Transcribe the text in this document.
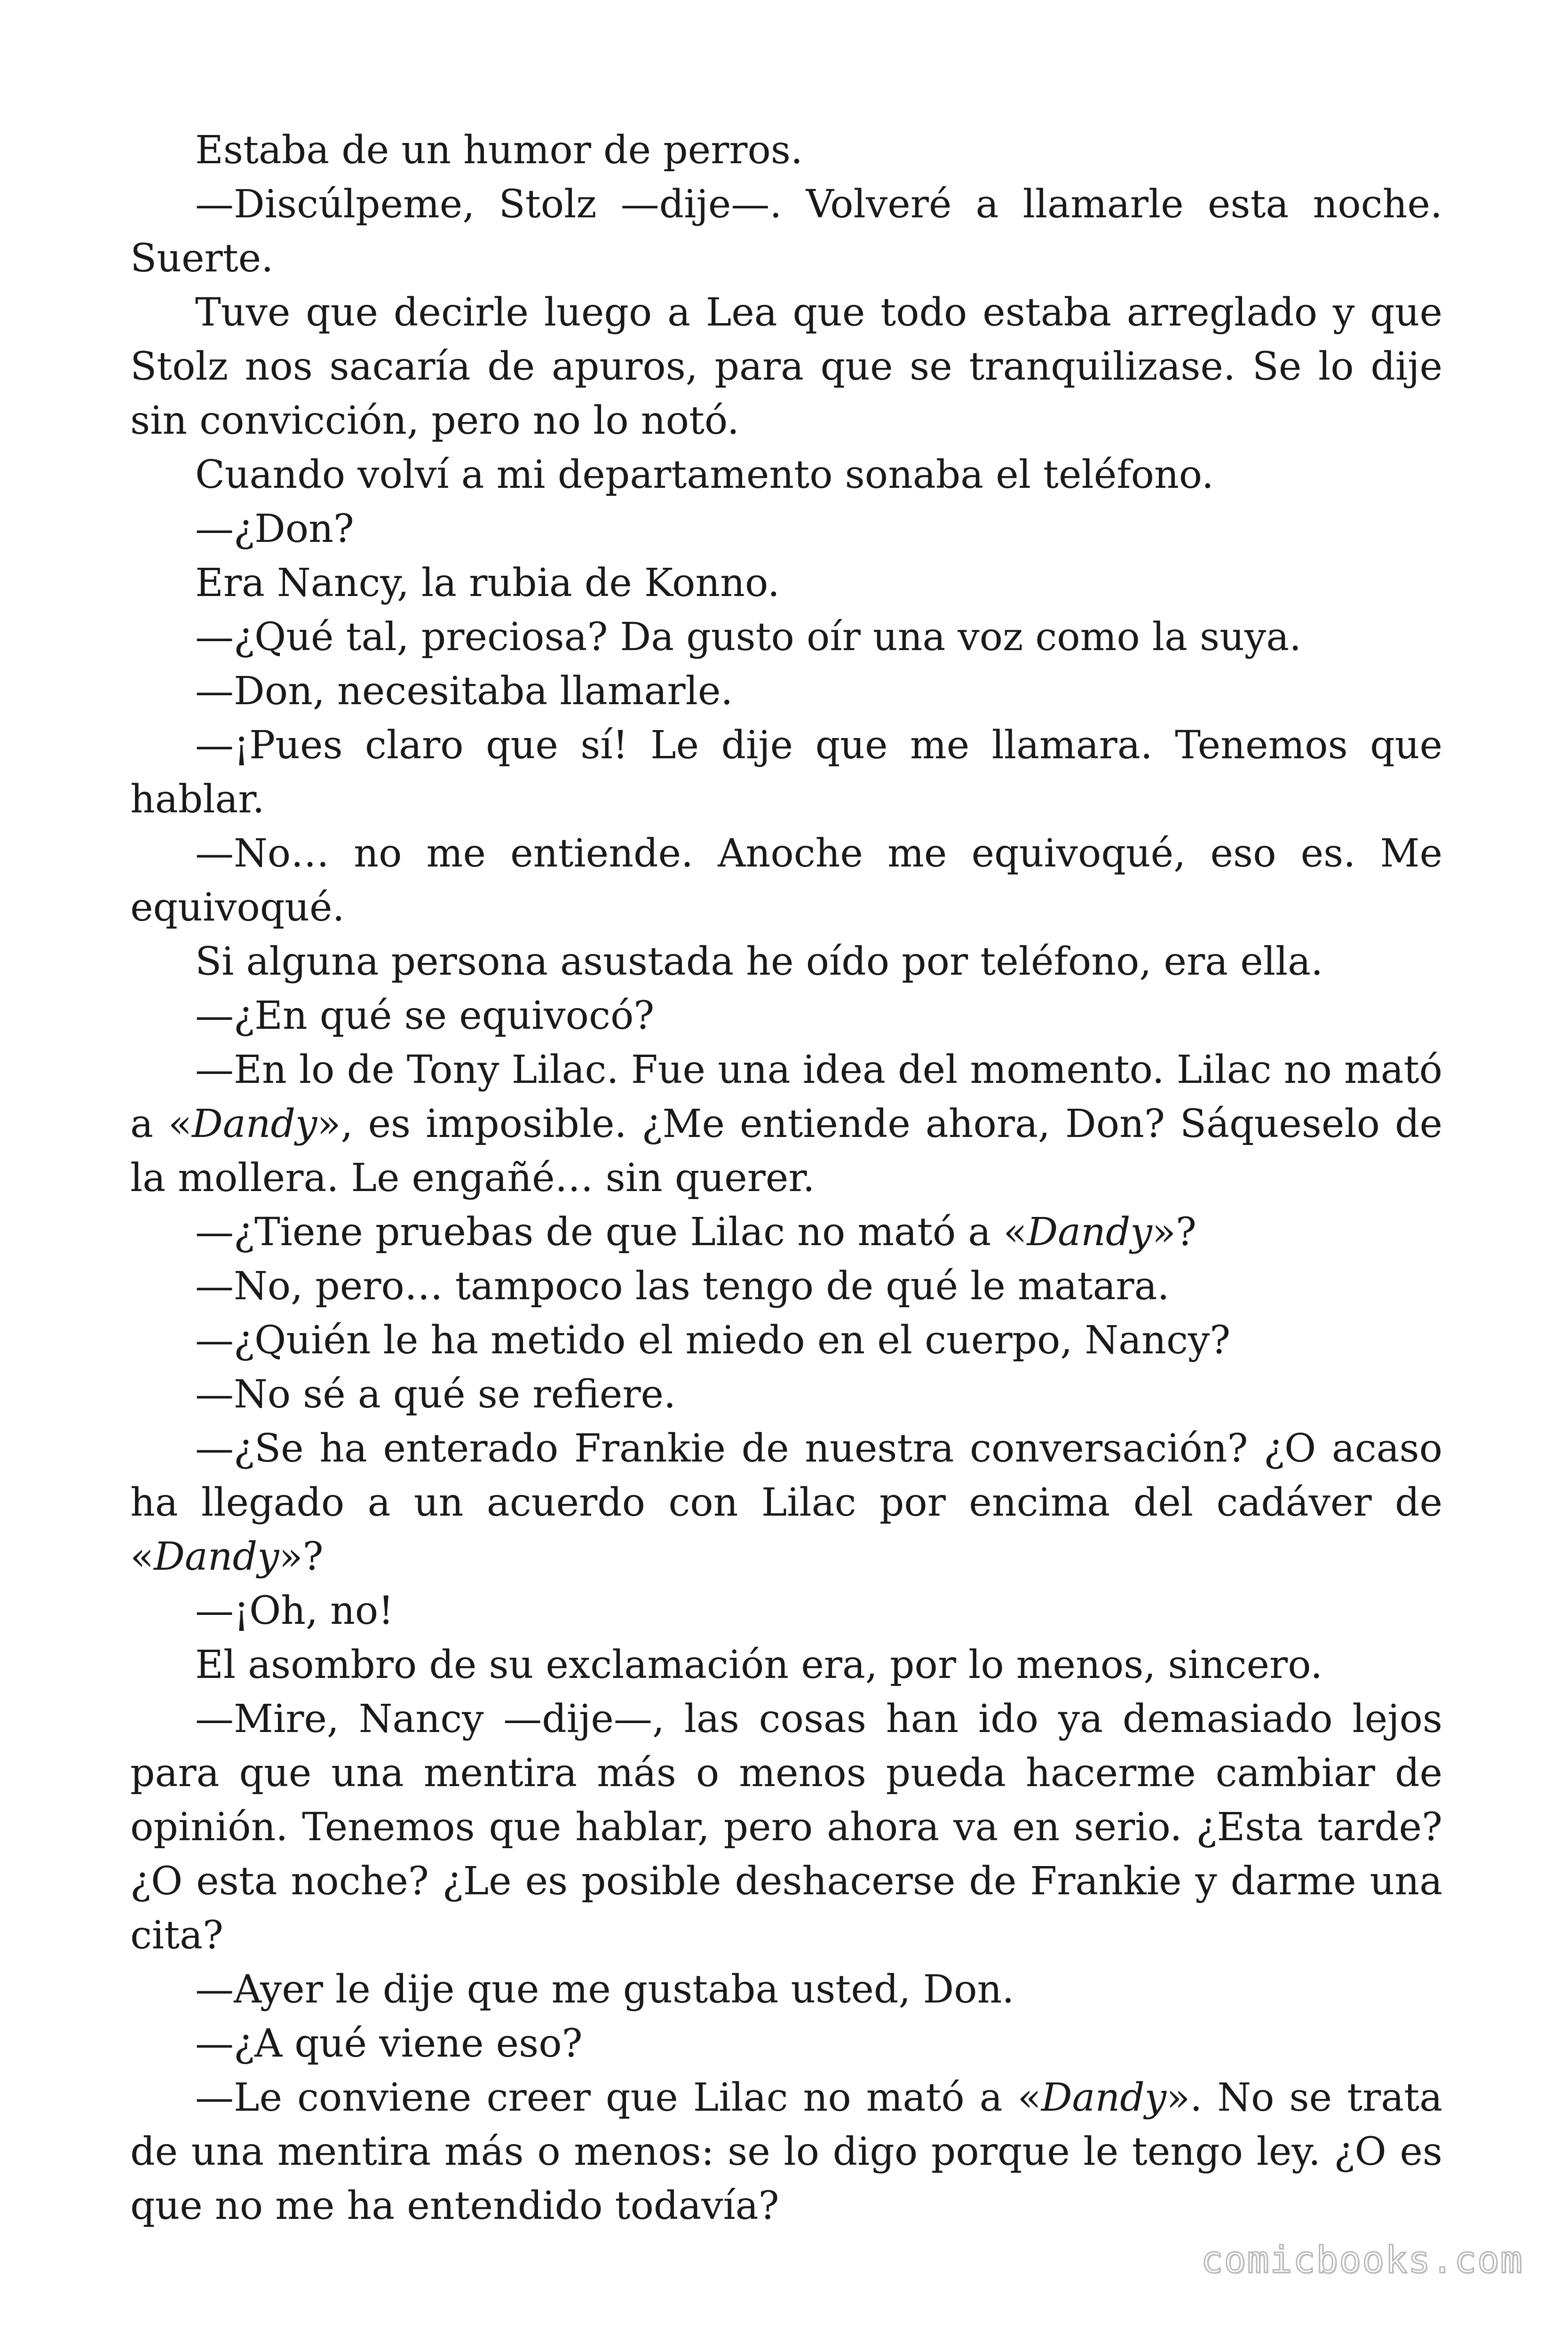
Estaba de un humor de perros.

—Discúlpeme, Stolz —dije—. Volveré a llamarle esta noche. Suerte.

Tuve que decirle luego a Lea que todo estaba arreglado y que Stolz nos sacaría de apuros, para que se tranquilizase. Se lo dije sin convicción, pero no lo notó.

Cuando volví a mi departamento sonaba el teléfono.

—¿Don?

Era Nancy, la rubia de Konno.

—¿Qué tal, preciosa? Da gusto oír una voz como la suya.

—Don, necesitaba llamarle.

—¡Pues claro que sí! Le dije que me llamara. Tenemos que hablar.

—No… no me entiende. Anoche me equivoqué, eso es. Me equivoqué.

Si alguna persona asustada he oído por teléfono, era ella.

—¿En qué se equivocó?

—En lo de Tony Lilac. Fue una idea del momento. Lilac no mató a «Dandy», es imposible. ¿Me entiende ahora, Don? Sáqueselo de la mollera. Le engañé… sin querer.

—¿Tiene pruebas de que Lilac no mató a «Dandy»?

—No, pero… tampoco las tengo de qué le matara.

—¿Quién le ha metido el miedo en el cuerpo, Nancy?

—No sé a qué se refiere.

—¿Se ha enterado Frankie de nuestra conversación? ¿O acaso ha llegado a un acuerdo con Lilac por encima del cadáver de «Dandy»?

—¡Oh, no!

El asombro de su exclamación era, por lo menos, sincero.

—Mire, Nancy —dije—, las cosas han ido ya demasiado lejos para que una mentira más o menos pueda hacerme cambiar de opinión. Tenemos que hablar, pero ahora va en serio. ¿Esta tarde? ¿O esta noche? ¿Le es posible deshacerse de Frankie y darme una cita?

—Ayer le dije que me gustaba usted, Don.

—¿A qué viene eso?

—Le conviene creer que Lilac no mató a «Dandy». No se trata de una mentira más o menos: se lo digo porque le tengo ley. ¿O es que no me ha entendido todavía?

comicbooks.com
